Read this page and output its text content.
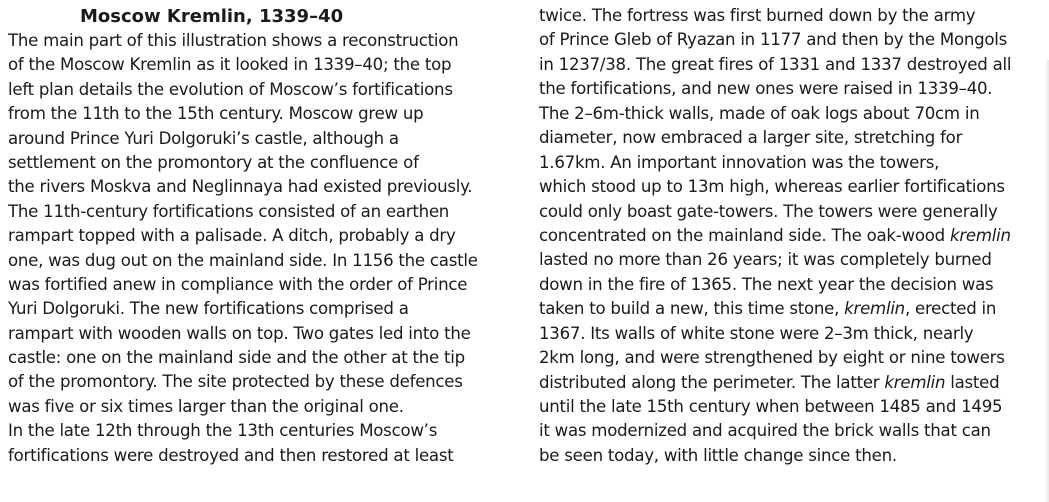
Moscow Kremlin, 1339–40
The main part of this illustration shows a reconstruction
of the Moscow Kremlin as it looked in 1339–40; the top
left plan details the evolution of Moscow’s fortifications
from the 11th to the 15th century. Moscow grew up
around Prince Yuri Dolgoruki’s castle, although a
settlement on the promontory at the confluence of
the rivers Moskva and Neglinnaya had existed previously.
The 11th-century fortifications consisted of an earthen
rampart topped with a palisade. A ditch, probably a dry
one, was dug out on the mainland side. In 1156 the castle
was fortified anew in compliance with the order of Prince
Yuri Dolgoruki. The new fortifications comprised a
rampart with wooden walls on top. Two gates led into the
castle: one on the mainland side and the other at the tip
of the promontory. The site protected by these defences
was five or six times larger than the original one.
In the late 12th through the 13th centuries Moscow’s
fortifications were destroyed and then restored at least
twice. The fortress was first burned down by the army
of Prince Gleb of Ryazan in 1177 and then by the Mongols
in 1237/38. The great fires of 1331 and 1337 destroyed all
the fortifications, and new ones were raised in 1339–40.
The 2–6m-thick walls, made of oak logs about 70cm in
diameter, now embraced a larger site, stretching for
1.67km. An important innovation was the towers,
which stood up to 13m high, whereas earlier fortifications
could only boast gate-towers. The towers were generally
concentrated on the mainland side. The oak-wood kremlin
lasted no more than 26 years; it was completely burned
down in the fire of 1365. The next year the decision was
taken to build a new, this time stone, kremlin, erected in
1367. Its walls of white stone were 2–3m thick, nearly
2km long, and were strengthened by eight or nine towers
distributed along the perimeter. The latter kremlin lasted
until the late 15th century when between 1485 and 1495
it was modernized and acquired the brick walls that can
be seen today, with little change since then.
